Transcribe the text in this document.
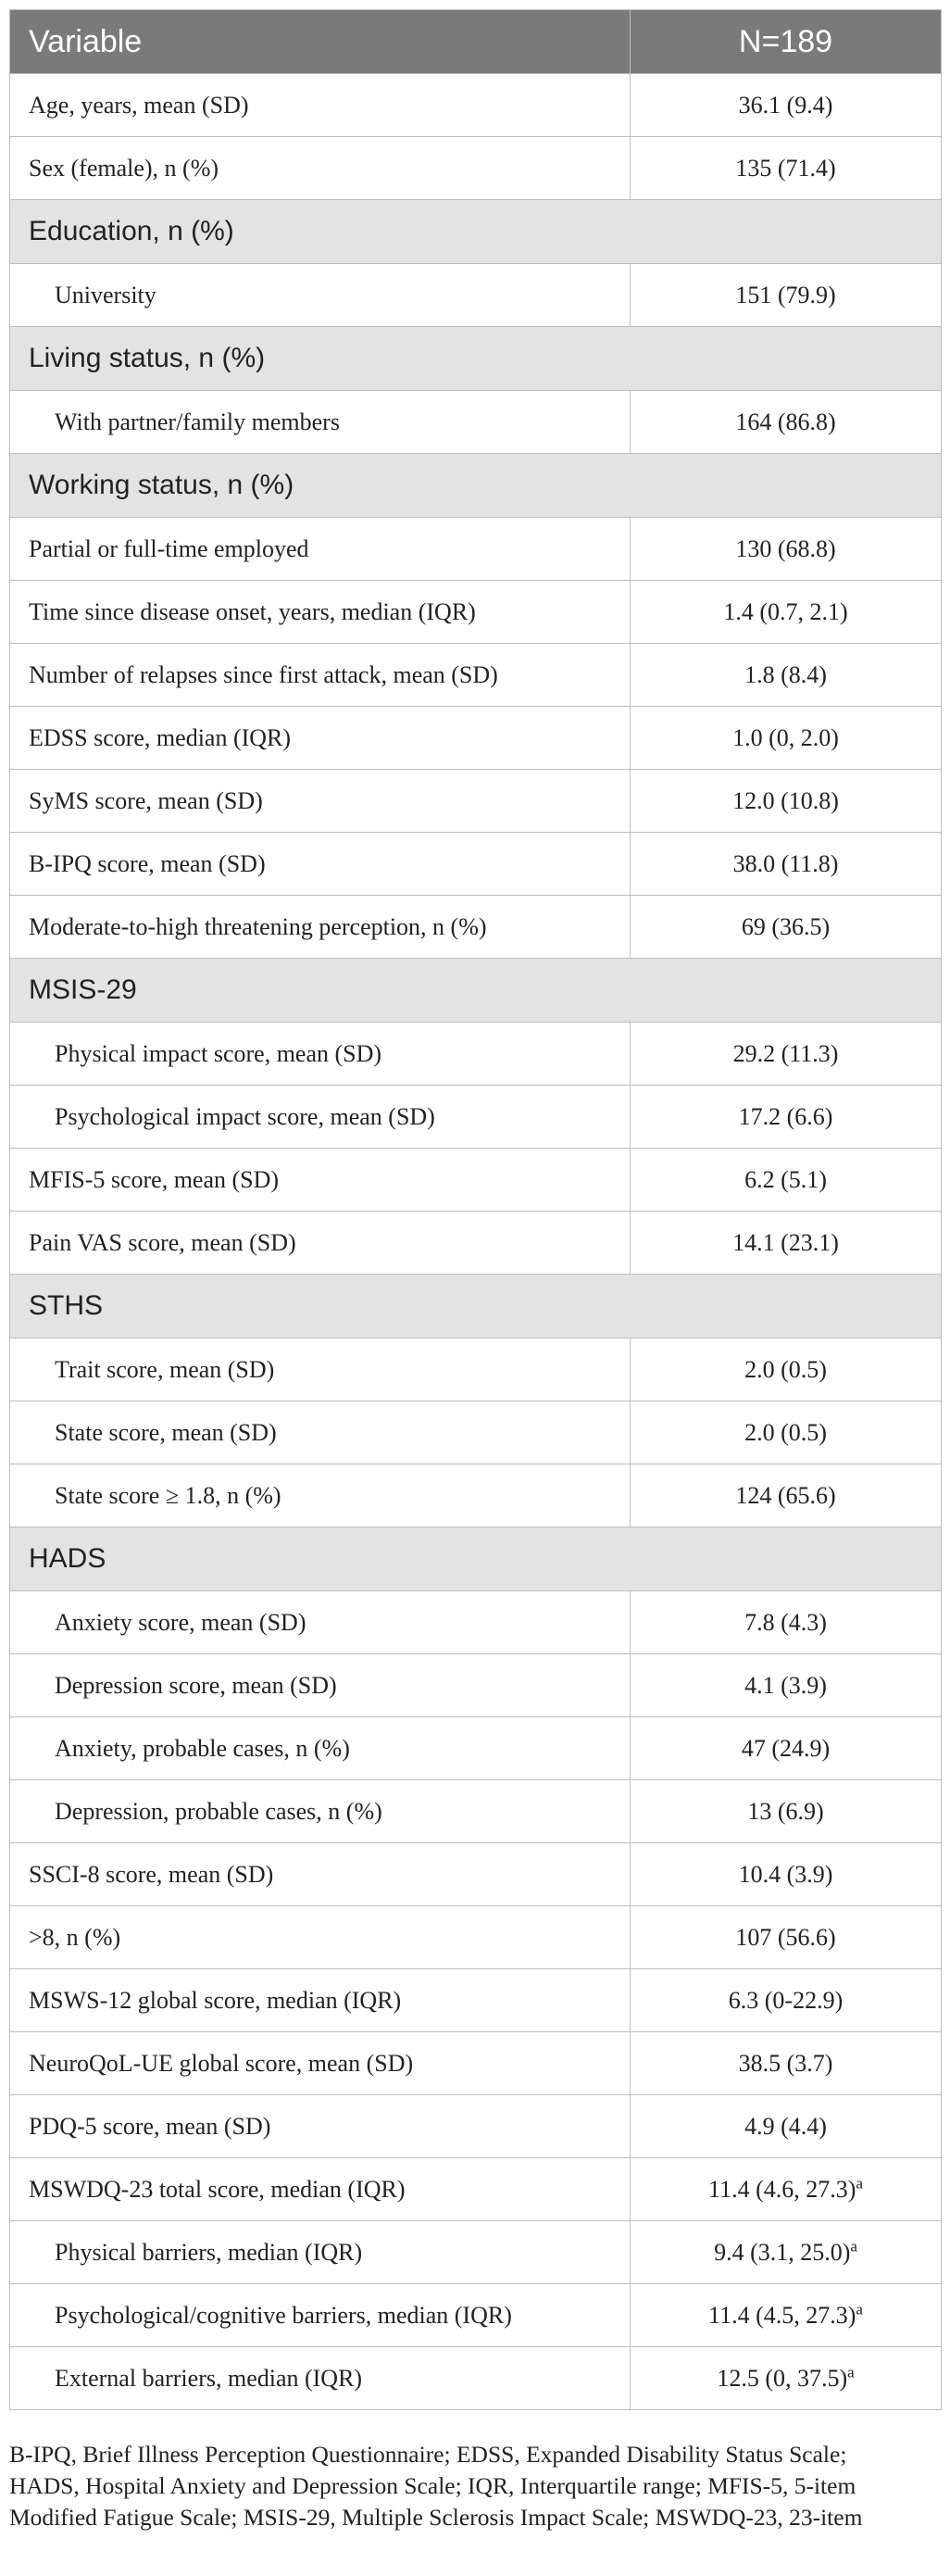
Variable	N=189
Age, years, mean (SD)	36.1 (9.4)
Sex (female), n (%)	135 (71.4)
Education, n (%)	
University	151 (79.9)
Living status, n (%)	
With partner/family members	164 (86.8)
Working status, n (%)	
Partial or full-time employed	130 (68.8)
Time since disease onset, years, median (IQR)	1.4 (0.7, 2.1)
Number of relapses since first attack, mean (SD)	1.8 (8.4)
EDSS score, median (IQR)	1.0 (0, 2.0)
SyMS score, mean (SD)	12.0 (10.8)
B-IPQ score, mean (SD)	38.0 (11.8)
Moderate-to-high threatening perception, n (%)	69 (36.5)
MSIS-29	
Physical impact score, mean (SD)	29.2 (11.3)
Psychological impact score, mean (SD)	17.2 (6.6)
MFIS-5 score, mean (SD)	6.2 (5.1)
Pain VAS score, mean (SD)	14.1 (23.1)
STHS	
Trait score, mean (SD)	2.0 (0.5)
State score, mean (SD)	2.0 (0.5)
State score ≥ 1.8, n (%)	124 (65.6)
HADS	
Anxiety score, mean (SD)	7.8 (4.3)
Depression score, mean (SD)	4.1 (3.9)
Anxiety, probable cases, n (%)	47 (24.9)
Depression, probable cases, n (%)	13 (6.9)
SSCI-8 score, mean (SD)	10.4 (3.9)
>8, n (%)	107 (56.6)
MSWS-12 global score, median (IQR)	6.3 (0-22.9)
NeuroQoL-UE global score, mean (SD)	38.5 (3.7)
PDQ-5 score, mean (SD)	4.9 (4.4)
MSWDQ-23 total score, median (IQR)	11.4 (4.6, 27.3)$^a$
Physical barriers, median (IQR)	9.4 (3.1, 25.0)$^a$
Psychological/cognitive barriers, median (IQR)	11.4 (4.5, 27.3)$^a$
External barriers, median (IQR)	12.5 (0, 37.5)$^a$
B-IPQ, Brief Illness Perception Questionnaire; EDSS, Expanded Disability Status Scale;
HADS, Hospital Anxiety and Depression Scale; IQR, Interquartile range; MFIS-5, 5-item
Modified Fatigue Scale; MSIS-29, Multiple Sclerosis Impact Scale; MSWDQ-23, 23-item
